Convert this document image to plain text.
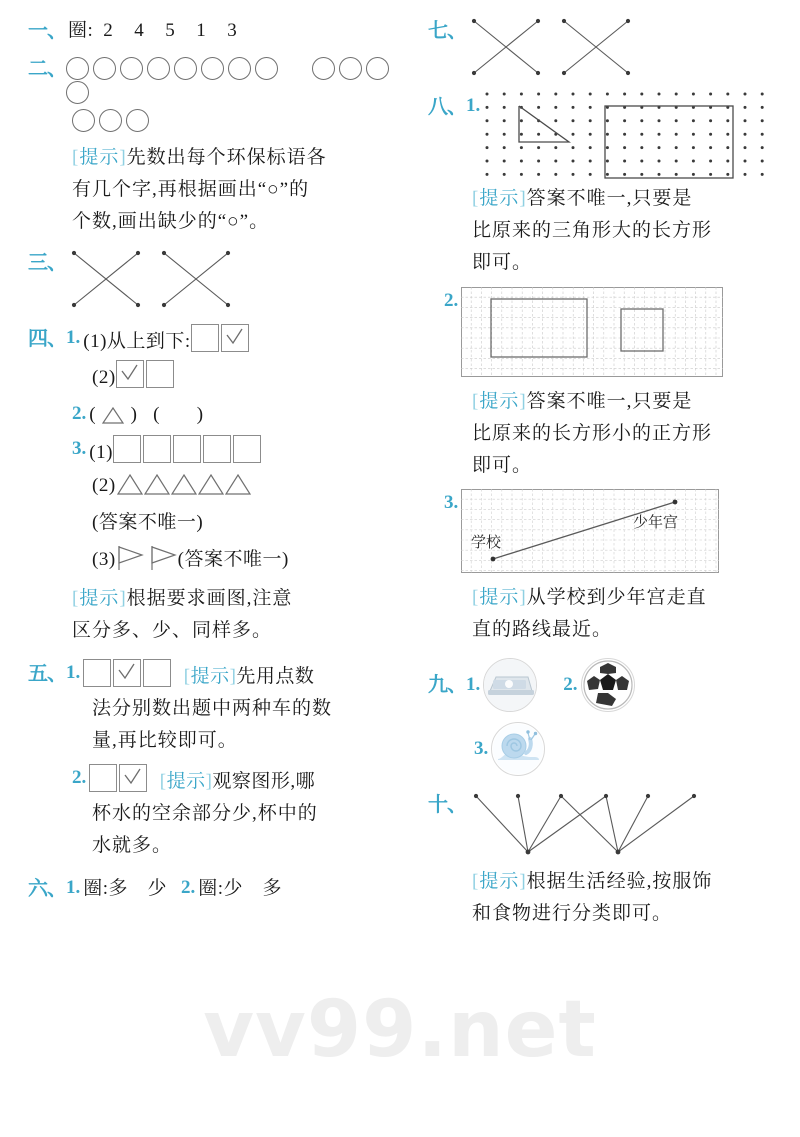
一、 圈: 2 4 5 1 3
二、
[提示]先数出每个环保标语各
有几个字,再根据画出“○”的
个数,画出缺少的“○”。
三、
四、 1. (1)从上到下:
(2)
2. (
)   (       )
3. (1)
(2)
(答案不唯一)
(3)	(答案不唯一)
[提示]根据要求画图,注意
区分多、少、同样多。
五、 1.	[提示]先用点数
法分别数出题中两种车的数
量,再比较即可。
2.	[提示]观察图形,哪
杯水的空余部分少,杯中的
水就多。
六、 1. 圈:多　少 2. 圈:少　多
七、
八、 1.
[提示]答案不唯一,只要是
比原来的三角形大的长方形
即可。
2.
[提示]答案不唯一,只要是
比原来的长方形小的正方形
即可。
3.
学校
少年宫
[提示]从学校到少年宫走直
直的路线最近。
九、 1.	2.
3.
十、
[提示]根据生活经验,按服饰
和食物进行分类即可。
vv99.net
